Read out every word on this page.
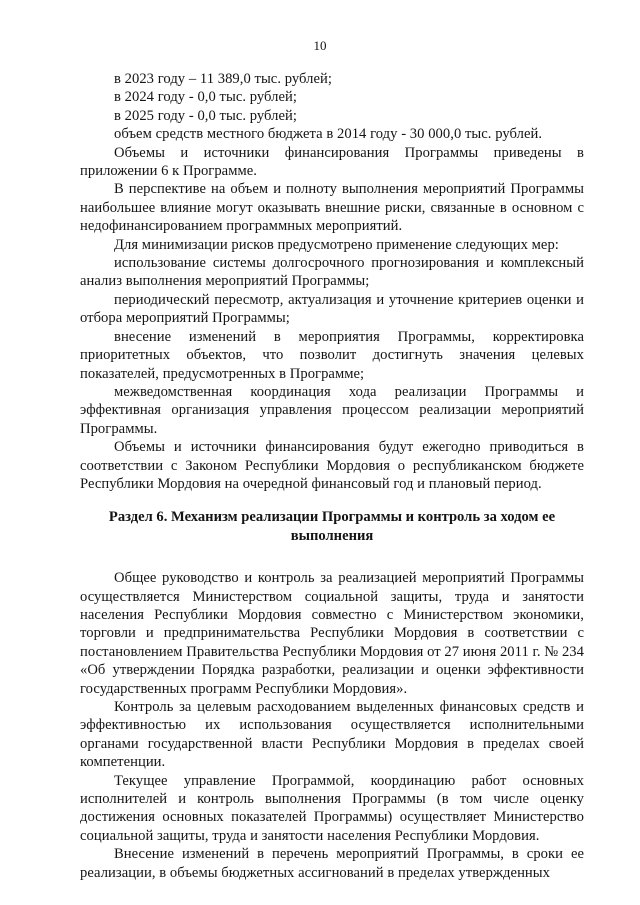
10

в 2023 году – 11 389,0 тыс. рублей;

в 2024 году - 0,0 тыс. рублей;

в 2025 году - 0,0 тыс. рублей;

объем средств местного бюджета в 2014 году - 30 000,0 тыс. рублей.

Объемы и источники финансирования Программы приведены в приложении 6 к Программе.

В перспективе на объем и полноту выполнения мероприятий Программы наибольшее влияние могут оказывать внешние риски, связанные в основном с недофинансированием программных мероприятий.

Для минимизации рисков предусмотрено применение следующих мер:

использование системы долгосрочного прогнозирования и комплексный анализ выполнения мероприятий Программы;

периодический пересмотр, актуализация и уточнение критериев оценки и отбора мероприятий Программы;

внесение изменений в мероприятия Программы, корректировка приоритетных объектов, что позволит достигнуть значения целевых показателей, предусмотренных в Программе;

межведомственная координация хода реализации Программы и эффективная организация управления процессом реализации мероприятий Программы.

Объемы и источники финансирования будут ежегодно приводиться в соответствии с Законом Республики Мордовия о республиканском бюджете Республики Мордовия на очередной финансовый год и плановый период.

Раздел 6. Механизм реализации Программы и контроль за ходом ее выполнения

Общее руководство и контроль за реализацией мероприятий Программы осуществляется Министерством социальной защиты, труда и занятости населения Республики Мордовия совместно с Министерством экономики, торговли и предпринимательства Республики Мордовия в соответствии с постановлением Правительства Республики Мордовия от 27 июня 2011 г. № 234 «Об утверждении Порядка разработки, реализации и оценки эффективности государственных программ Республики Мордовия».

Контроль за целевым расходованием выделенных финансовых средств и эффективностью их использования осуществляется исполнительными органами государственной власти Республики Мордовия в пределах своей компетенции.

Текущее управление Программой, координацию работ основных исполнителей и контроль выполнения Программы (в том числе оценку достижения основных показателей Программы) осуществляет Министерство социальной защиты, труда и занятости населения Республики Мордовия.

Внесение изменений в перечень мероприятий Программы, в сроки ее реализации, в объемы бюджетных ассигнований в пределах утвержденных
